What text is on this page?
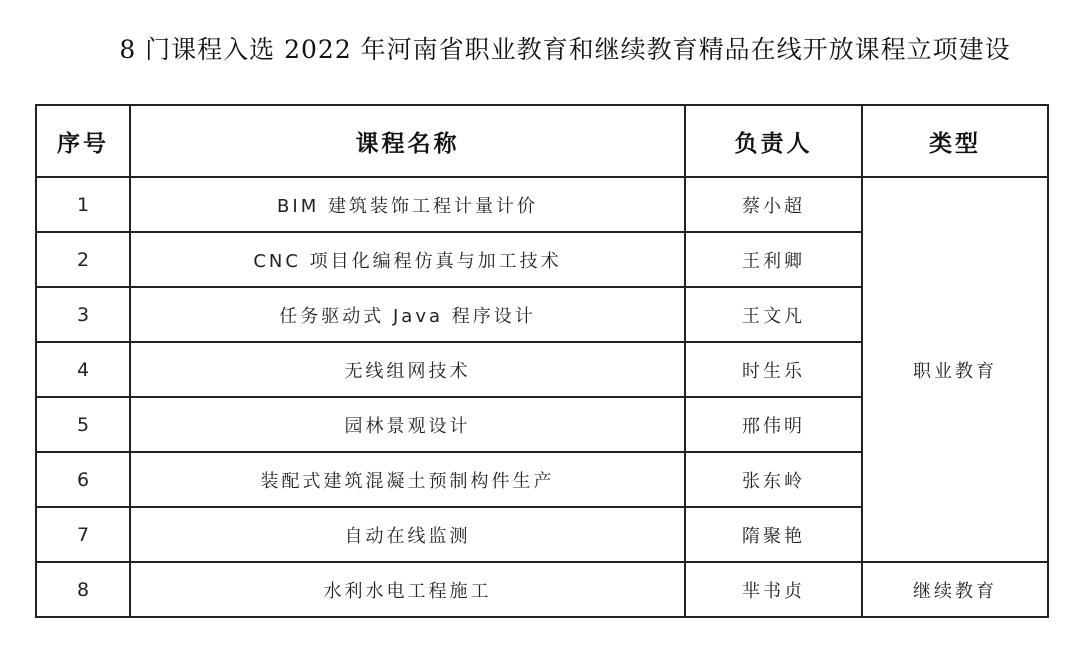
8 门课程入选 2022 年河南省职业教育和继续教育精品在线开放课程立项建设
序号	课程名称	负责人	类型
1	BIM 建筑装饰工程计量计价	蔡小超	职业教育
2	CNC 项目化编程仿真与加工技术	王利卿	
3	任务驱动式 Java 程序设计	王文凡	
4	无线组网技术	时生乐	
5	园林景观设计	邢伟明	
6	装配式建筑混凝土预制构件生产	张东岭	
7	自动在线监测	隋聚艳	
8	水利水电工程施工	芈书贞	继续教育
